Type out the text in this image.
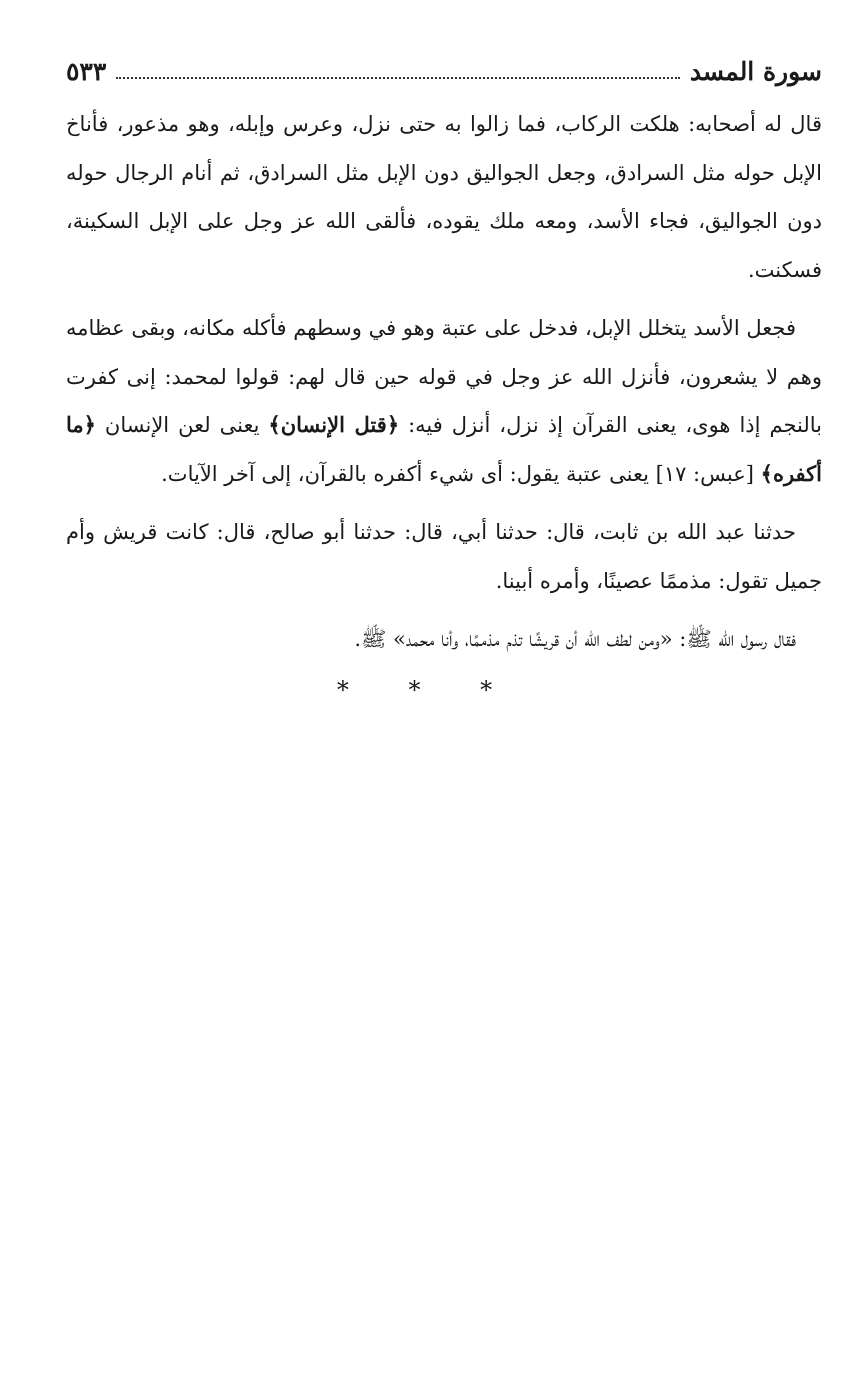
سورة المسد
٥٣٣

قال له أصحابه: هلكت الركاب، فما زالوا به حتى نزل، وعرس وإبله، وهو مذعور، فأناخ الإبل حوله مثل السرادق، وجعل الجواليق دون الإبل مثل السرادق، ثم أنام الرجال حوله دون الجواليق، فجاء الأسد، ومعه ملك يقوده، فألقى الله عز وجل على الإبل السكينة، فسكنت.

فجعل الأسد يتخلل الإبل، فدخل على عتبة وهو في وسطهم فأكله مكانه، وبقى عظامه وهم لا يشعرون، فأنزل الله عز وجل في قوله حين قال لهم: قولوا لمحمد: إنى كفرت بالنجم إذا هوى، يعنى القرآن إذ نزل، أنزل فيه: ﴿قتل الإنسان﴾ يعنى لعن الإنسان ﴿ما أكفره﴾ [عبس: ١٧] يعنى عتبة يقول: أى شيء أكفره بالقرآن، إلى آخر الآيات.

حدثنا عبد الله بن ثابت، قال: حدثنا أبي، قال: حدثنا أبو صالح، قال: كانت قريش وأم جميل تقول: مذممًا عصينًا، وأمره أبينا.

فقال رسول الله ﷺ: «ومن لطف الله أن قريشًا تذم مذممًا، وأنا محمد» ﷺ.

* * *
